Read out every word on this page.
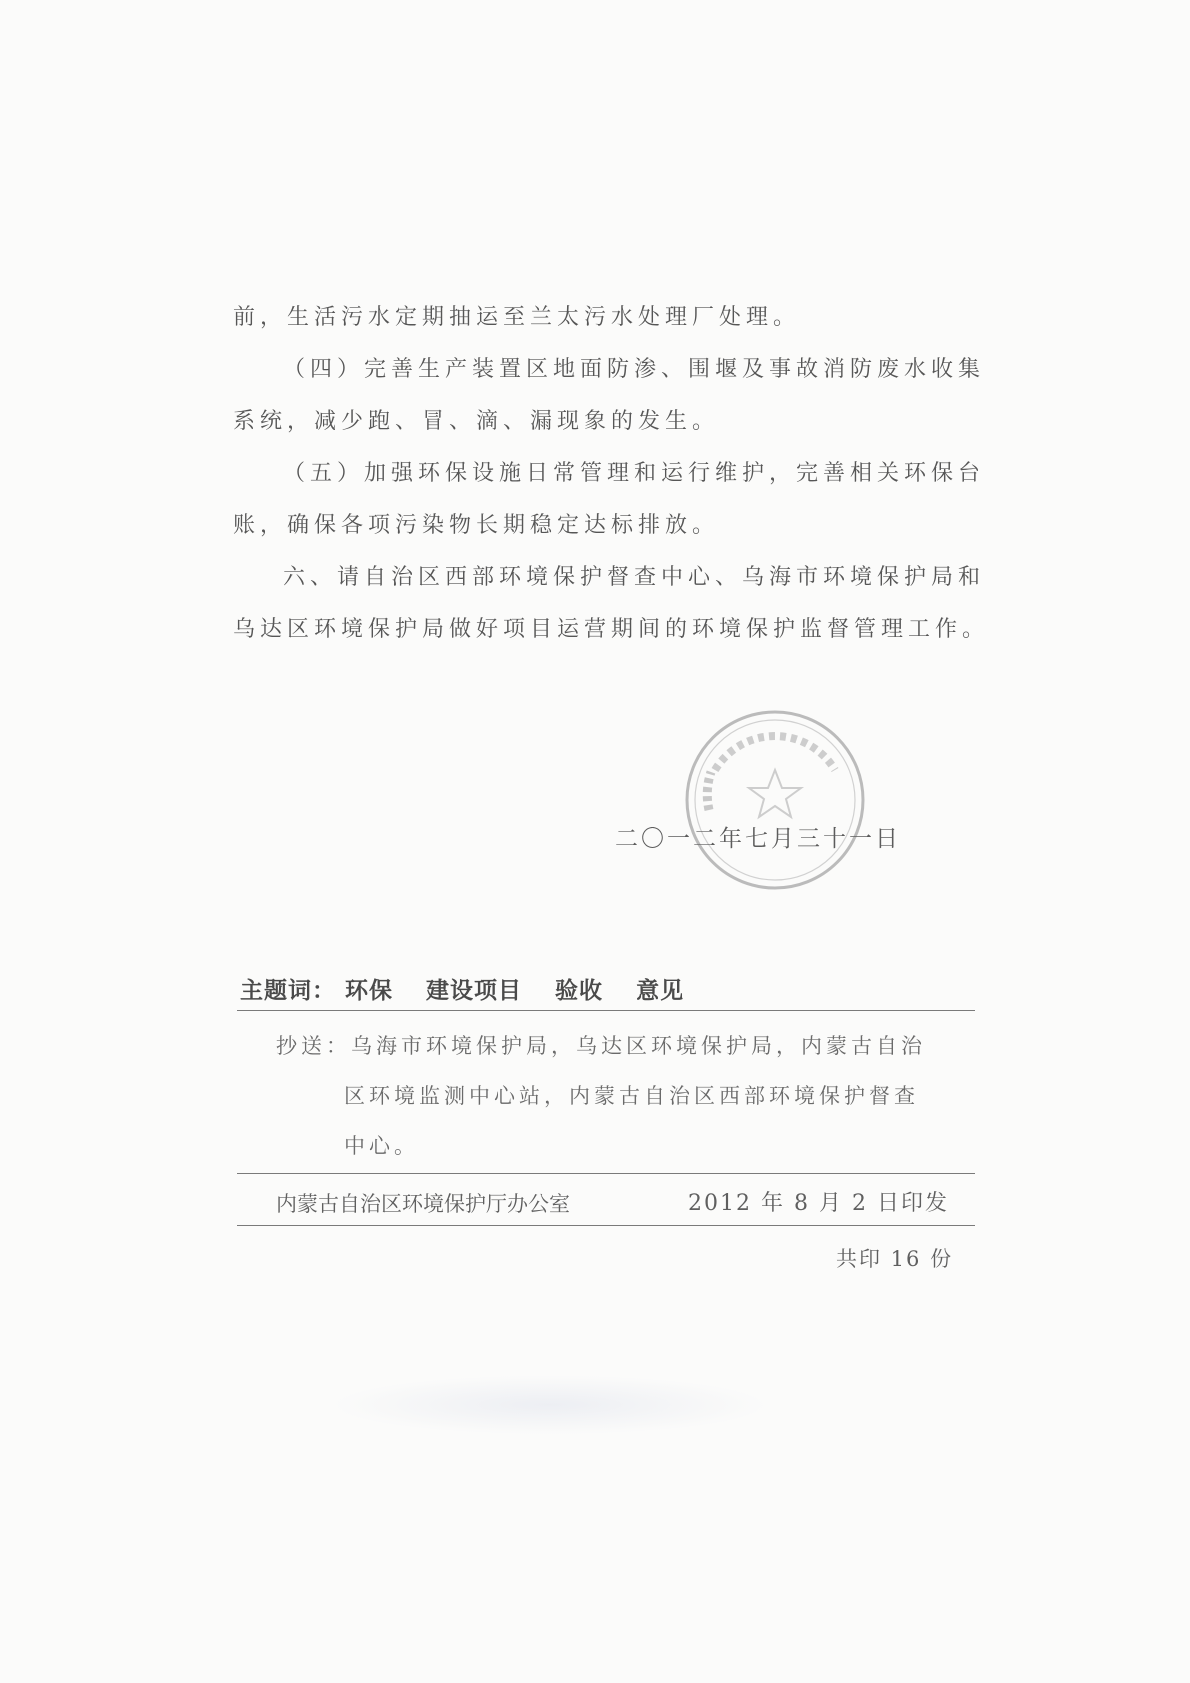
前，生活污水定期抽运至兰太污水处理厂处理。
（四）完善生产装置区地面防渗、围堰及事故消防废水收集
系统，减少跑、冒、滴、漏现象的发生。
（五）加强环保设施日常管理和运行维护，完善相关环保台
账，确保各项污染物长期稳定达标排放。
六、请自治区西部环境保护督查中心、乌海市环境保护局和
乌达区环境保护局做好项目运营期间的环境保护监督管理工作。
二〇一二年七月三十一日
主题词： 环保 建设项目 验收 意见
抄送：乌海市环境保护局，乌达区环境保护局，内蒙古自治
区环境监测中心站，内蒙古自治区西部环境保护督查
中心。
内蒙古自治区环境保护厅办公室	2012 年 8 月 2 日印发
共印 16 份
